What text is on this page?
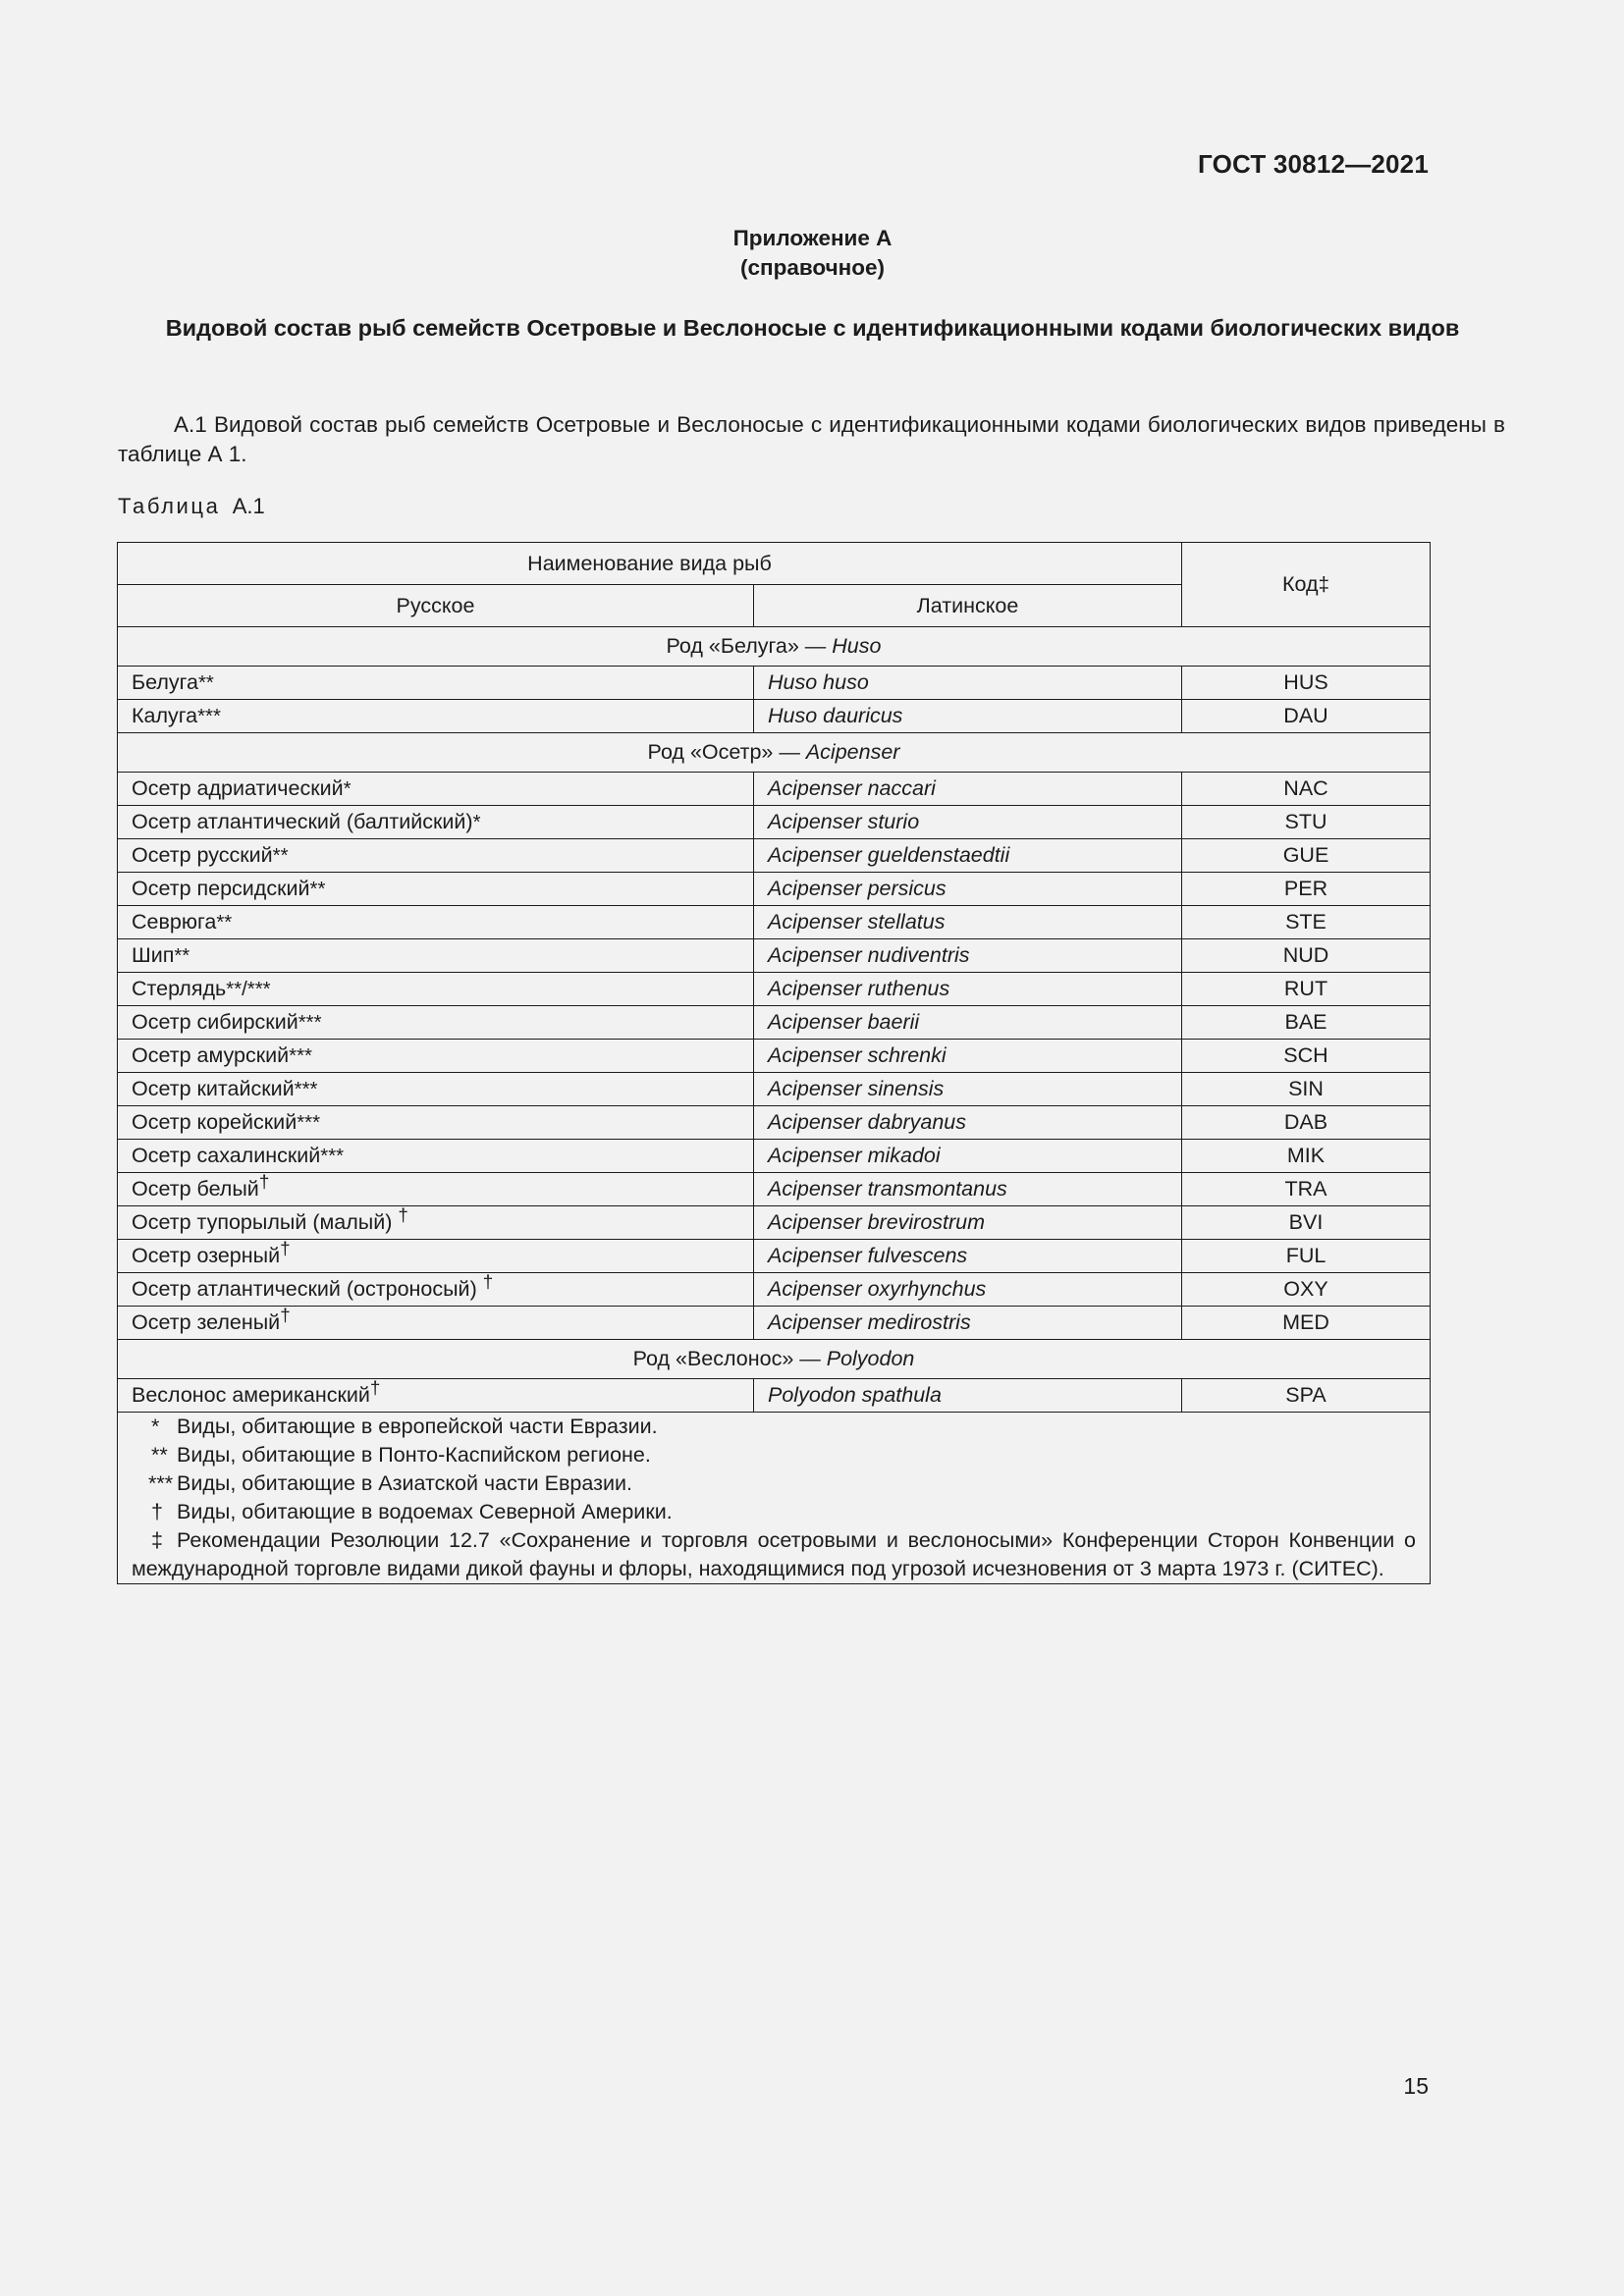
ГОСТ 30812—2021
Приложение А
(справочное)
Видовой состав рыб семейств Осетровые и Веслоносые с идентификационными кодами биологических видов
А.1 Видовой состав рыб семейств Осетровые и Веслоносые с идентификационными кодами биологических видов приведены в таблице А 1.
Таблица А.1
Наименование вида рыб		Код‡
Русское	Латинское	
Род «Белуга» — Huso		
Белуга**	Huso huso	HUS
Калуга***	Huso dauricus	DAU
Род «Осетр» — Acipenser		
Осетр адриатический*	Acipenser naccari	NAC
Осетр атлантический (балтийский)*	Acipenser sturio	STU
Осетр русский**	Acipenser gueldenstaedtii	GUE
Осетр персидский**	Acipenser persicus	PER
Севрюга**	Acipenser stellatus	STE
Шип**	Acipenser nudiventris	NUD
Стерлядь**/***	Acipenser ruthenus	RUT
Осетр сибирский***	Acipenser baerii	BAE
Осетр амурский***	Acipenser schrenki	SCH
Осетр китайский***	Acipenser sinensis	SIN
Осетр корейский***	Acipenser dabryanus	DAB
Осетр сахалинский***	Acipenser mikadoi	MIK
Осетр белый†	Acipenser transmontanus	TRA
Осетр тупорылый (малый) †	Acipenser brevirostrum	BVI
Осетр озерный†	Acipenser fulvescens	FUL
Осетр атлантический (остроносый) †	Acipenser oxyrhynchus	OXY
Осетр зеленый†	Acipenser medirostris	MED
Род «Веслонос» — Polyodon		
Веслонос американский†	Polyodon spathula	SPA

* Виды, обитающие в европейской части Евразии.
** Виды, обитающие в Понто-Каспийском регионе.
*** Виды, обитающие в Азиатской части Евразии.
† Виды, обитающие в водоемах Северной Америки.
‡ Рекомендации Резолюции 12.7 «Сохранение и торговля осетровыми и веслоносыми» Конференции Сторон Конвенции о международной торговле видами дикой фауны и флоры, находящимися под угрозой исчезновения от 3 марта 1973 г. (СИТЕС).
15
